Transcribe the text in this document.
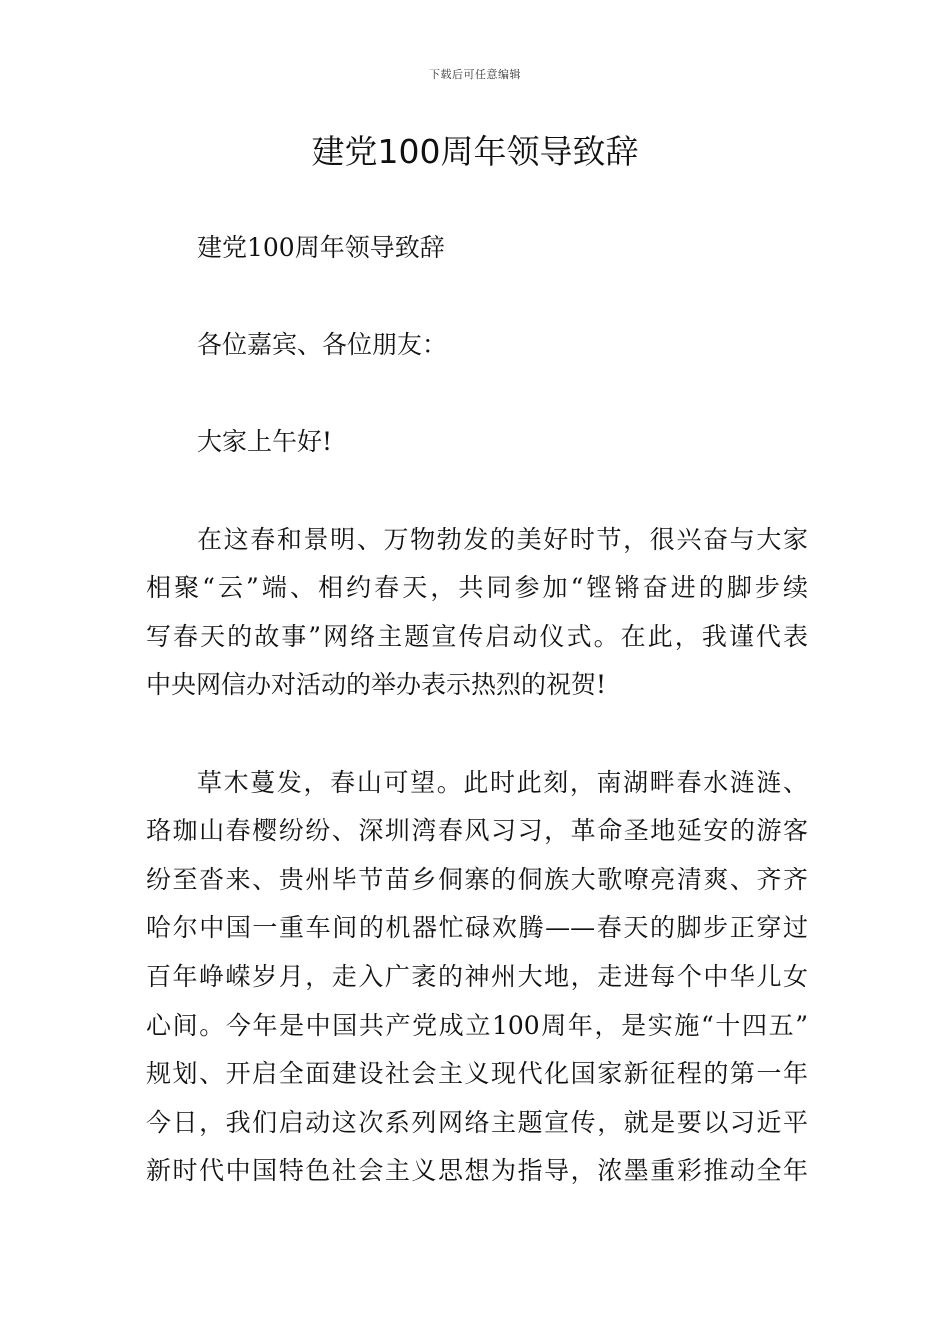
下载后可任意编辑
建党100周年领导致辞

建党100周年领导致辞

各位嘉宾、各位朋友：

大家上午好!

在这春和景明、万物勃发的美好时节，很兴奋与大家
相聚“云”端、相约春天，共同参加“铿锵奋进的脚步续
写春天的故事”网络主题宣传启动仪式。在此，我谨代表
中央网信办对活动的举办表示热烈的祝贺!
草木蔓发，春山可望。此时此刻，南湖畔春水涟涟、
珞珈山春樱纷纷、深圳湾春风习习，革命圣地延安的游客
纷至沓来、贵州毕节苗乡侗寨的侗族大歌嘹亮清爽、齐齐
哈尔中国一重车间的机器忙碌欢腾——春天的脚步正穿过
百年峥嵘岁月，走入广袤的神州大地，走进每个中华儿女
心间。今年是中国共产党成立100周年，是实施“十四五”
规划、开启全面建设社会主义现代化国家新征程的第一年
今日，我们启动这次系列网络主题宣传，就是要以习近平
新时代中国特色社会主义思想为指导，浓墨重彩推动全年
